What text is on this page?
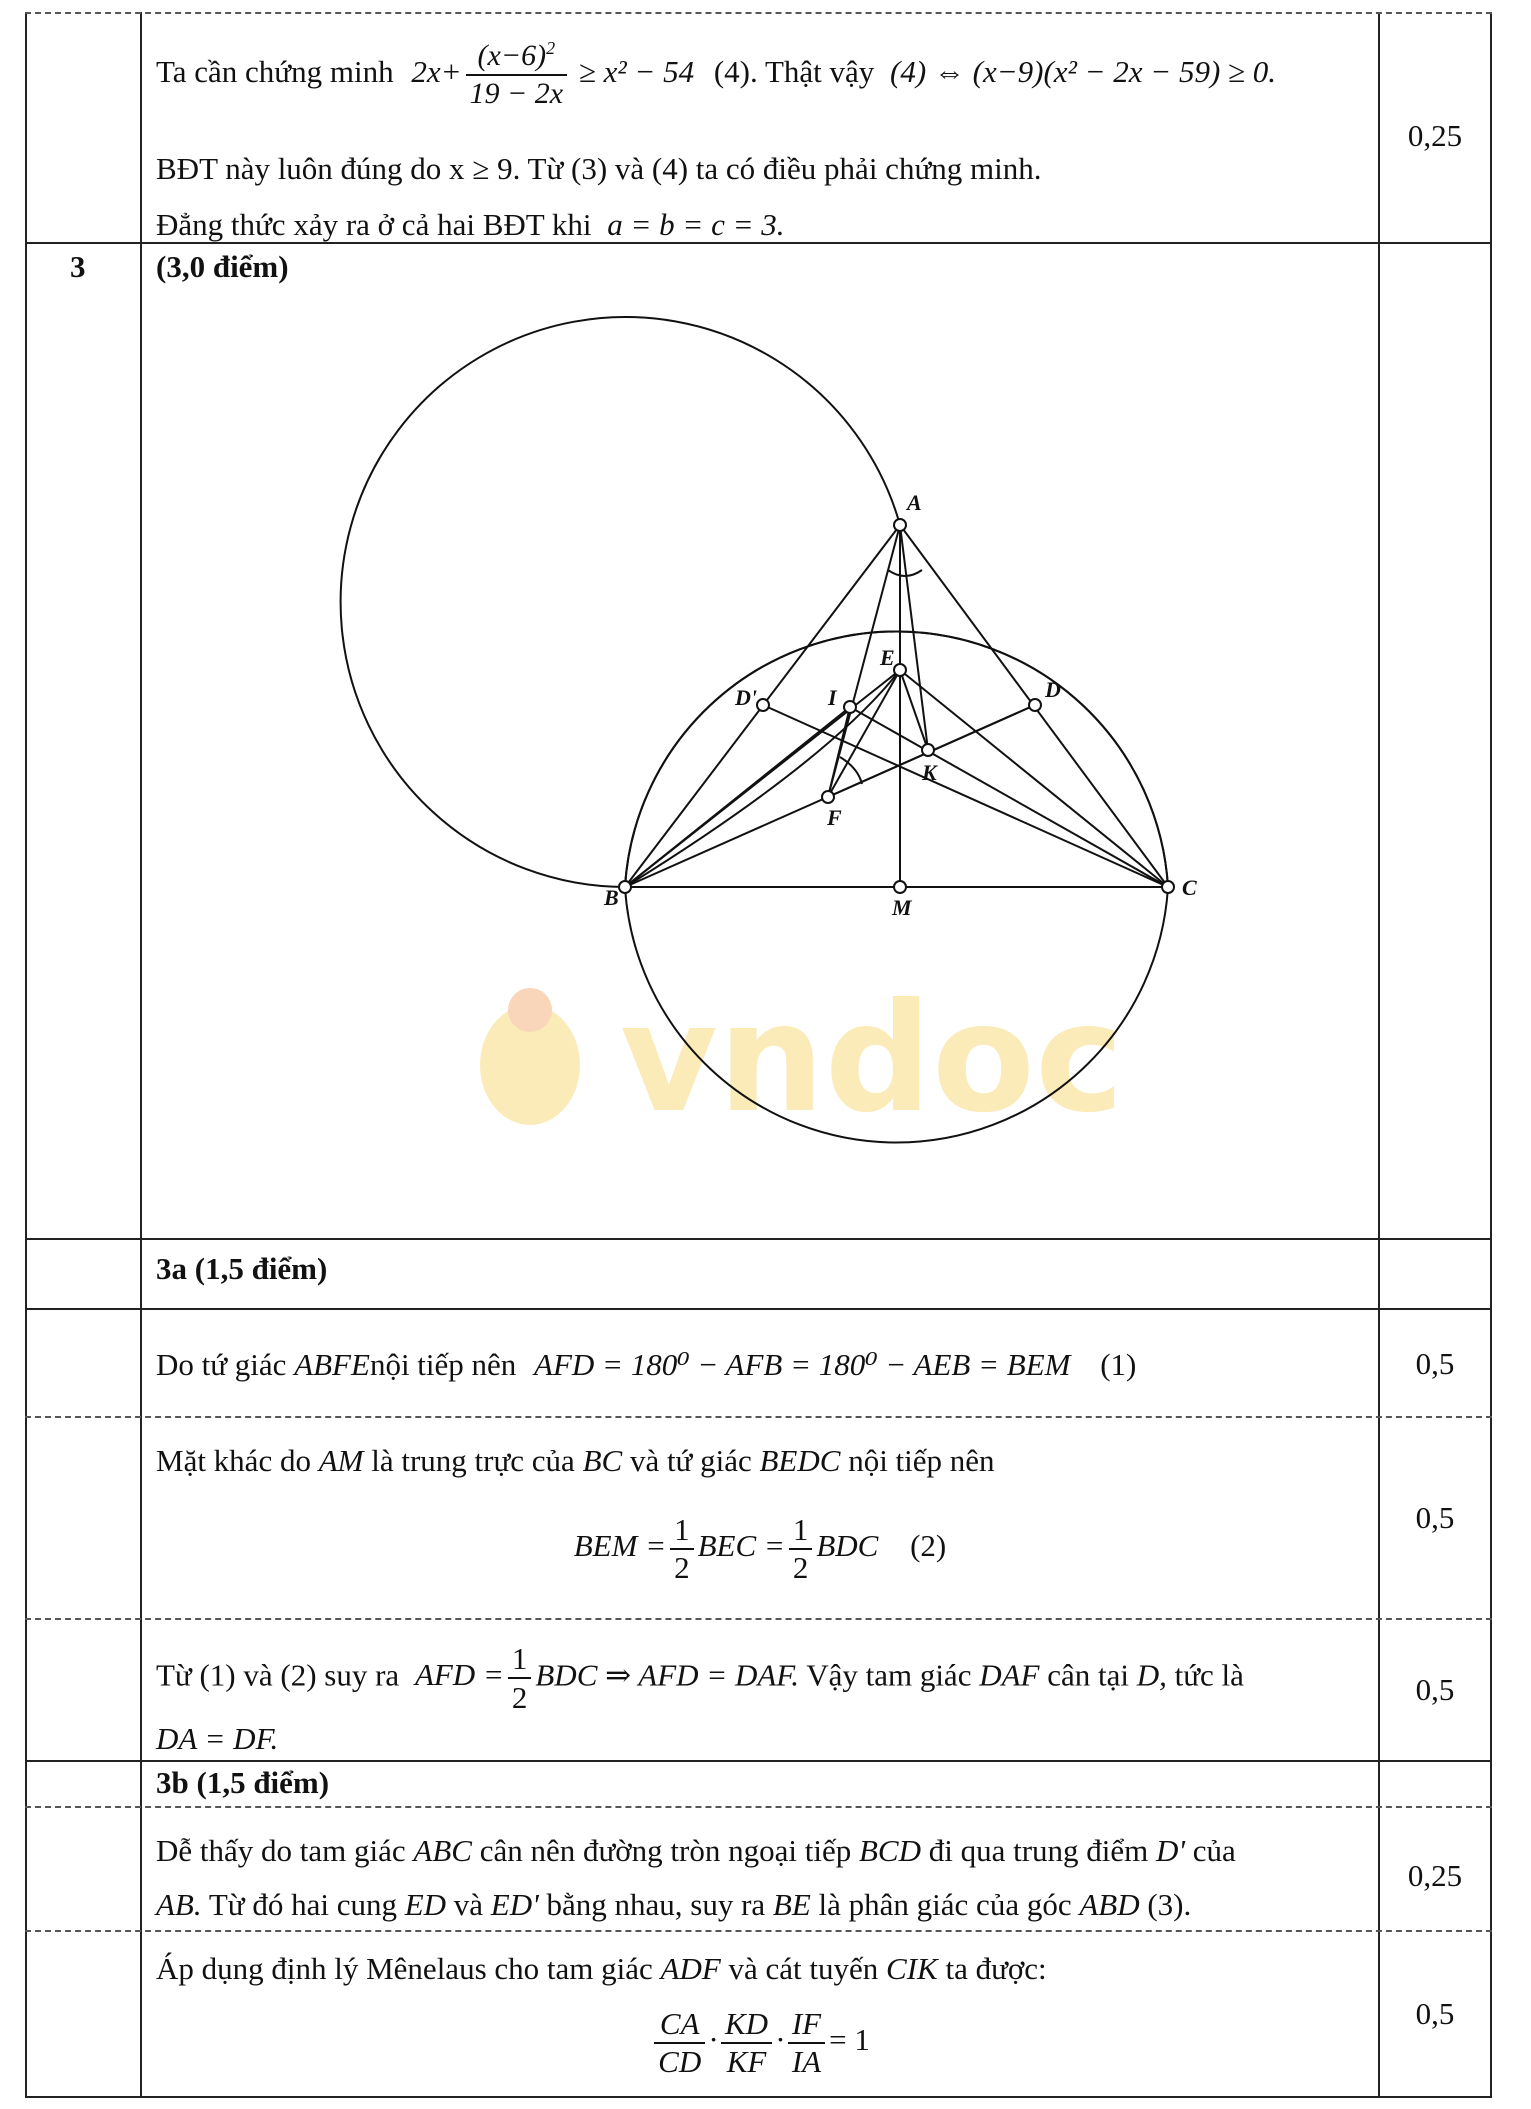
Ta cần chứng minh $2x+ \frac{(x-6)^2}{19 - 2x} \ge x^2 - 54$ (4). Thật vậy (4) ⇔ (x−9)(x² − 2x − 59) ≥ 0.
BĐT này luôn đúng do x ≥ 9. Từ (3) và (4) ta có điều phải chứng minh.
Đẳng thức xảy ra ở cả hai BĐT khi a = b = c = 3.
0,25
3 (3,0 điểm)
vndoc
A
E
D'	I	D
K
F
B	M
C
3a (1,5 điểm)
Do tứ giác ABFEnội tiếp nên AFD = 180⁰ − AFB = 180⁰ − AEB = BEM (1)	0,5
Mặt khác do AM là trung trực của BC và tứ giác BEDC nội tiếp nên
BEM = $\frac{1}{2}$ BEC = $\frac{1}{2}$ BDC (2)
0,5
Từ (1) và (2) suy ra AFD = $\frac{1}{2}$ BDC ⇒ AFD = DAF. Vậy tam giác DAF cân tại D, tức là
DA = DF.
0,5
3b (1,5 điểm)
Dễ thấy do tam giác ABC cân nên đường tròn ngoại tiếp BCD đi qua trung điểm D' của
AB. Từ đó hai cung ED và ED' bằng nhau, suy ra BE là phân giác của góc ABD (3).
0,25
Áp dụng định lý Mênelaus cho tam giác ADF và cát tuyến CIK ta được:
$\frac{CA}{CD} \cdot \frac{KD}{KF} \cdot \frac{IF}{IA} = 1$
0,5
